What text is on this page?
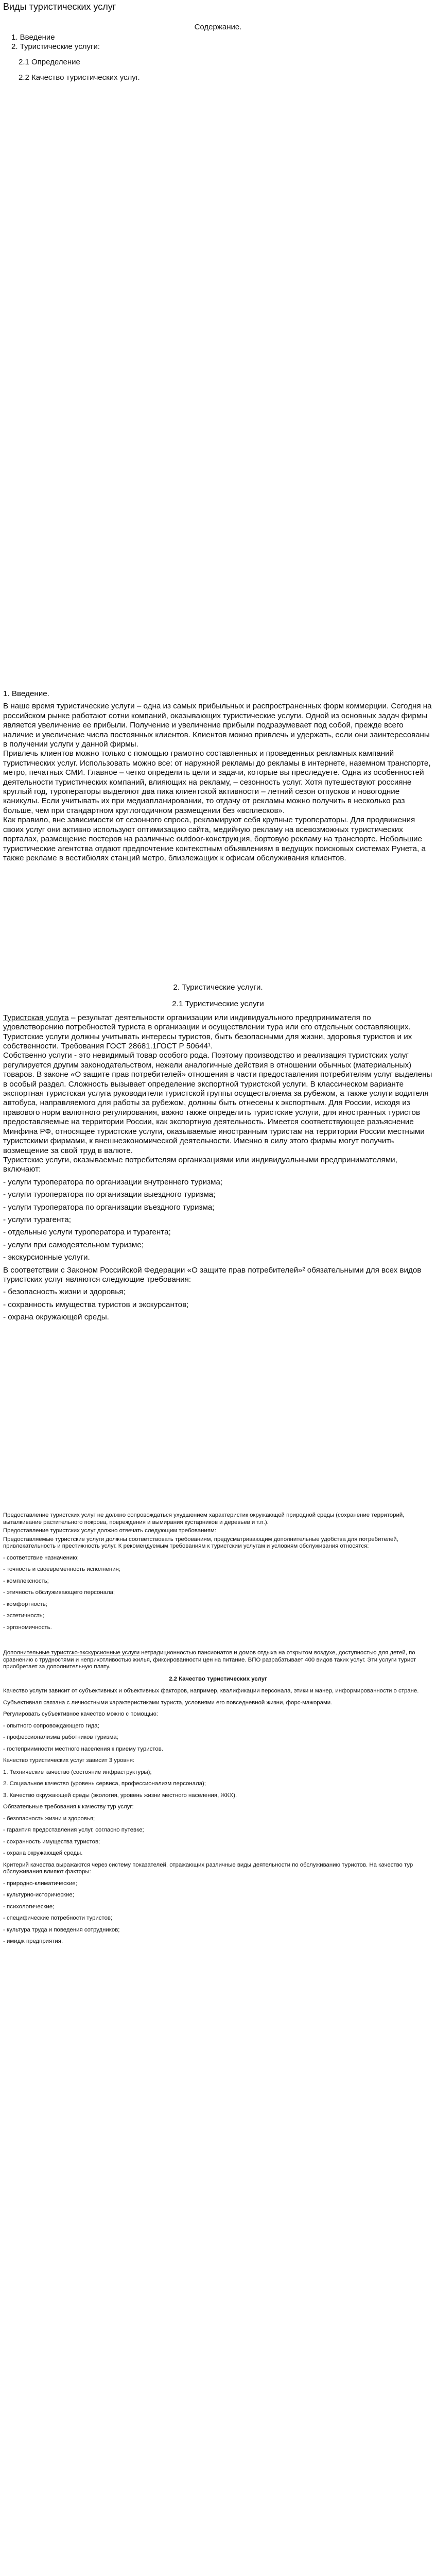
Виды туристических услуг
Содержание.
1. Введение
2. Туристические услуги:
2.1 Определение
2.2 Качество туристических услуг.

1. Введение.

В наше время туристические услуги – одна из самых прибыльных и распространенных форм коммерции. Сегодня на российском рынке работают сотни компаний, оказывающих туристические услуги. Одной из основных задач фирмы является увеличение ее прибыли. Получение и увеличение прибыли подразумевает под собой, прежде всего наличие и увеличение числа постоянных клиентов. Клиентов можно привлечь и удержать, если они заинтересованы в получении услуги у данной фирмы.

Привлечь клиентов можно только с помощью грамотно составленных и проведенных рекламных кампаний туристических услуг. Использовать можно все: от наружной рекламы до рекламы в интернете, наземном транспорте, метро, печатных СМИ. Главное – четко определить цели и задачи, которые вы преследуете. Одна из особенностей деятельности туристических компаний, влияющих на рекламу, – сезонность услуг. Хотя путешествуют россияне круглый год, туроператоры выделяют два пика клиентской активности – летний сезон отпусков и новогодние каникулы. Если учитывать их при медиапланировании, то отдачу от рекламы можно получить в несколько раз больше, чем при стандартном круглогодичном размещении без «всплесков».

Как правило, вне зависимости от сезонного спроса, рекламируют себя крупные туроператоры. Для продвижения своих услуг они активно используют оптимизацию сайта, медийную рекламу на всевозможных туристических порталах, размещение постеров на различные outdoor-конструкция, бортовую рекламу на транспорте. Небольшие туристические агентства отдают предпочтение контекстным объявлениям в ведущих поисковых системах Рунета, а также рекламе в вестибюлях станций метро, близлежащих к офисам обслуживания клиентов.

2. Туристические услуги.

2.1 Туристические услуги

Туристская услуга – результат деятельности организации или индивидуального предпринимателя по удовлетворению потребностей туриста в организации и осуществлении тура или его отдельных составляющих. Туристские услуги должны учитывать интересы туристов, быть безопасными для жизни, здоровья туристов и их собственности. Требования ГОСТ 28681.1ГОСТ Р 50644¹.

Собственно услуги - это невидимый товар особого рода. Поэтому производство и реализация туристских услуг регулируется другим законодательством, нежели аналогичные действия в отношении обычных (материальных) товаров. В законе «О защите прав потребителей» отношения в части предоставления потребителям услуг выделены в особый раздел. Сложность вызывает определение экспортной туристской услуги. В классическом варианте экспортная туристская услуга руководители туристской группы осуществляема за рубежом, а также услуги водителя автобуса, направляемого для работы за рубежом, должны быть отнесены к экспортным. Для России, исходя из правового норм валютного регулирования, важно также определить туристские услуги, для иностранных туристов предоставляемые на территории России, как экспортную деятельность. Имеется соответствующее разъяснение Минфина РФ, относящее туристские услуги, оказываемые иностранным туристам на территории России местными туристскими фирмами, к внешнеэкономической деятельности. Именно в силу этого фирмы могут получить возмещение за свой труд в валюте.

Туристские услуги, оказываемые потребителям организациями или индивидуальными предпринимателями, включают:

- услуги туроператора по организации внутреннего туризма;

- услуги туроператора по организации выездного туризма;

- услуги туроператора по организации въездного туризма;

- услуги турагента;

- отдельные услуги туроператора и турагента;

- услуги при самодеятельном туризме;

- экскурсионные услуги.

В соответствии с Законом Российской Федерации «О защите прав потребителей»² обязательными для всех видов туристских услуг являются следующие требования:

- безопасность жизни и здоровья;

- сохранность имущества туристов и экскурсантов;

- охрана окружающей среды.

Предоставление туристских услуг не должно сопровождаться ухудшением характеристик окружающей природной среды (сохранение территорий, выталкивание растительного покрова, повреждения и вымирания кустарников и деревьев и т.п.).

Предоставление туристских услуг должно отвечать следующим требованиям:

Предоставляемые туристские услуги должны соответствовать требованиям, предусматривающим дополнительные удобства для потребителей, привлекательность и престижность услуг. К рекомендуемым требованиям к туристским услугам и условиям обслуживания относятся:

- соответствие назначению;

- точность и своевременность исполнения;

- комплексность;

- этичность обслуживающего персонала;

- комфортность;

- эстетичность;

- эргономичность.

Дополнительные туристско-экскурсионные услуги нетрадиционностью пансионатов и домов отдыха на открытом воздухе, доступностью для детей, по сравнению с трудностями и неприхотливостью жилья, фиксированности цен на питание. ВПО разрабатывает 400 видов таких услуг. Эти услуги турист приобретает за дополнительную плату.

2.2 Качество туристических услуг

Качество услуги зависит от субъективных и объективных факторов, например, квалификации персонала, этики и манер, информированности о стране.

Субъективная связана с личностными характеристиками туриста, условиями его повседневной жизни, форс-мажорами.

Регулировать субъективное качество можно с помощью:

- опытного сопровождающего гида;

- профессионализма работников туризма;

- гостеприимности местного населения к приему туристов.

Качество туристических услуг зависит 3 уровня:

1. Технические качество (состояние инфраструктуры);

2. Социальное качество (уровень сервиса, профессионализм персонала);

3. Качество окружающей среды (экология, уровень жизни местного населения, ЖКХ).

Обязательные требования к качеству тур услуг:

- безопасность жизни и здоровья;

- гарантия предоставления услуг, согласно путевке;

- сохранность имущества туристов;

- охрана окружающей среды.

Критерий качества выражаются через систему показателей, отражающих различные виды деятельности по обслуживанию туристов. На качество тур обслуживания влияют факторы:

- природно-климатические;

- культурно-исторические;

- психологические;

- специфические потребности туристов;

- культура труда и поведения сотрудников;

- имидж предприятия.
